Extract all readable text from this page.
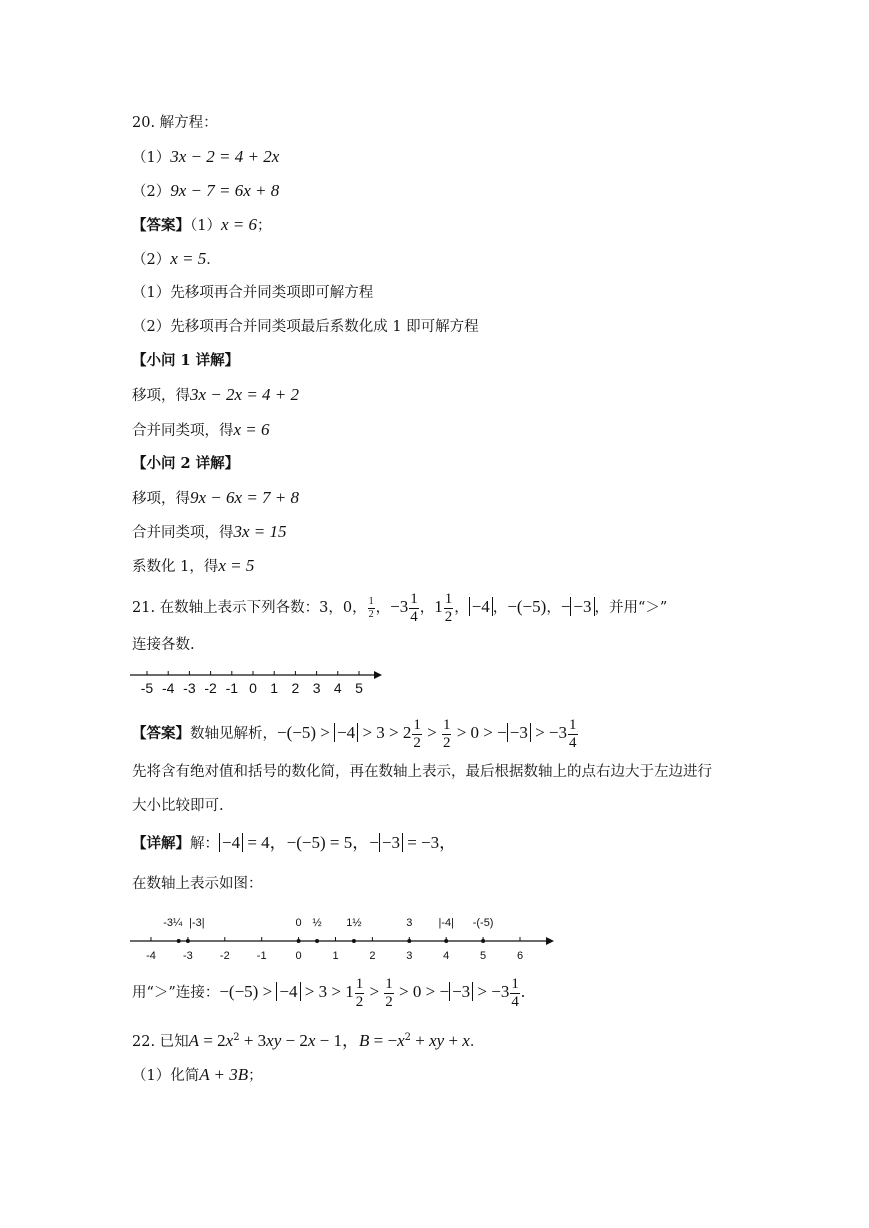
20. 解方程：
（1）3x − 2 = 4 + 2x
（2）9x − 7 = 6x + 8
【答案】（1）x = 6；
（2）x = 5．
（1）先移项再合并同类项即可解方程
（2）先移项再合并同类项最后系数化成 1 即可解方程
【小问 1 详解】
移项，得3x − 2x = 4 + 2
合并同类项，得x = 6
【小问 2 详解】
移项，得9x − 6x = 7 + 8
合并同类项，得3x = 15
系数化 1，得x = 5
21. 在数轴上表示下列各数：3，0， $\frac{1}{2}$ ，$-3 \frac{1}{4}$ ，$1 \frac{1}{2}$ ， −4 ，−(−5)，− −3 ，并用“＞”
连接各数.
-5 -4 -3 -2 -1 0 1 2 3 4 5
【答案】数轴见解析，$-(-5) > -4 > 3 > 2 \frac{1}{2} > \frac{1}{2} > 0$ > − $-3 > -3 \frac{1}{4}$
先将含有绝对值和括号的数化简，再在数轴上表示，最后根据数轴上的点右边大于左边进行
大小比较即可.
【详解】解： −4 = 4，−(−5) = 5，− −3 = −3，
在数轴上表示如图：
-4 -3 -2 -1	0	1	2	3	4	5	6
-3¼ |-3|	0 ½ 1½	3 |-4| -(-5)
用“＞”连接：$-(-5) > -4 > 3 > 1 \frac{1}{2} > \frac{1}{2} > 0$ > − $-3 > -3 \frac{1}{4}$ .
22. 已知$A = 2x^2 + 3xy - 2x - 1$，$B = -x^2$ + xy + x．
（1）化简A + 3B；
